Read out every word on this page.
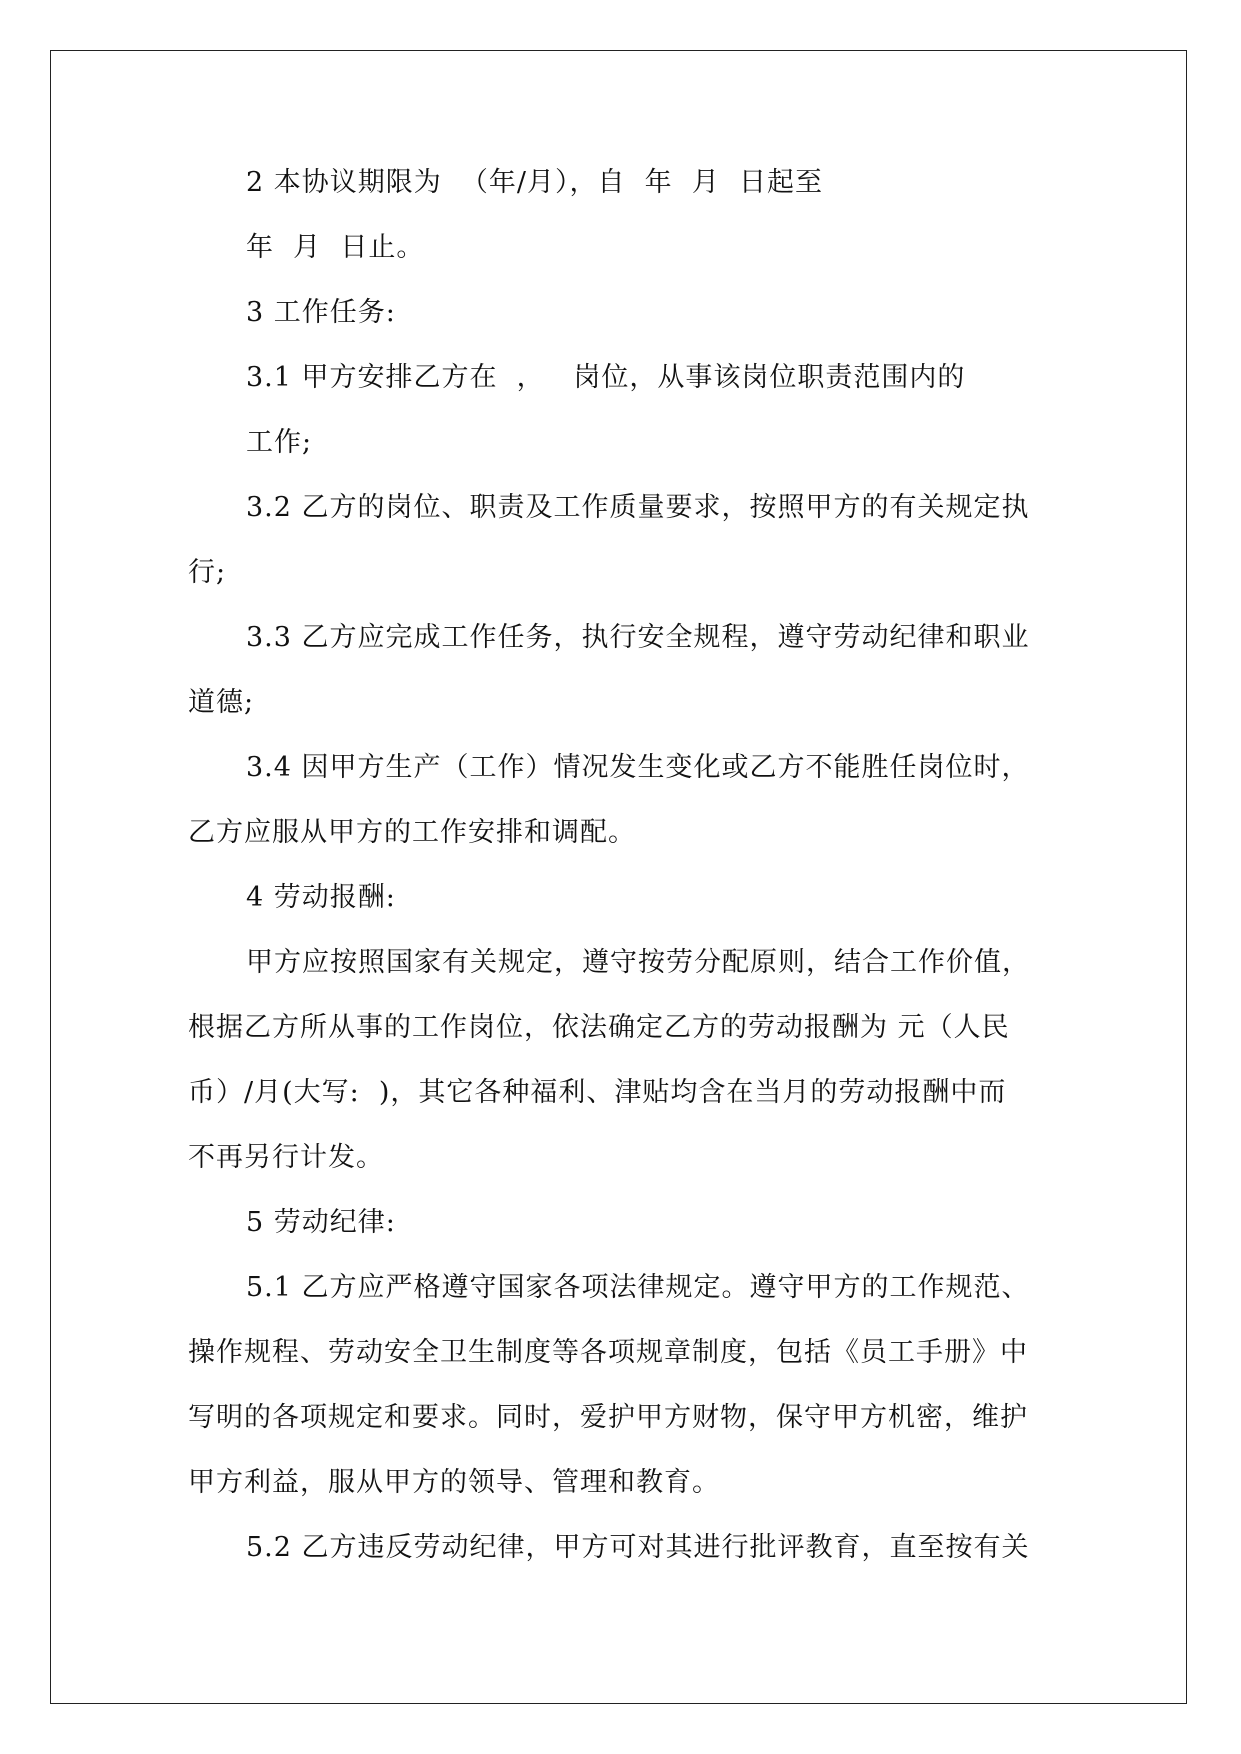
2 本协议期限为  （年/月），自  年  月  日起至
年  月  日止。
3 工作任务:
3.1 甲方安排乙方在  ，   岗位，从事该岗位职责范围内的
工作;
3.2 乙方的岗位、职责及工作质量要求，按照甲方的有关规定执
行;
3.3 乙方应完成工作任务，执行安全规程，遵守劳动纪律和职业
道德;
3.4 因甲方生产（工作）情况发生变化或乙方不能胜任岗位时，
乙方应服从甲方的工作安排和调配。
4 劳动报酬:
甲方应按照国家有关规定，遵守按劳分配原则，结合工作价值，
根据乙方所从事的工作岗位，依法确定乙方的劳动报酬为 元（人民
币）/月(大写:  )，其它各种福利、津贴均含在当月的劳动报酬中而
不再另行计发。
5 劳动纪律:
5.1 乙方应严格遵守国家各项法律规定。遵守甲方的工作规范、
操作规程、劳动安全卫生制度等各项规章制度，包括《员工手册》中
写明的各项规定和要求。同时，爱护甲方财物，保守甲方机密，维护
甲方利益，服从甲方的领导、管理和教育。
5.2 乙方违反劳动纪律，甲方可对其进行批评教育，直至按有关
